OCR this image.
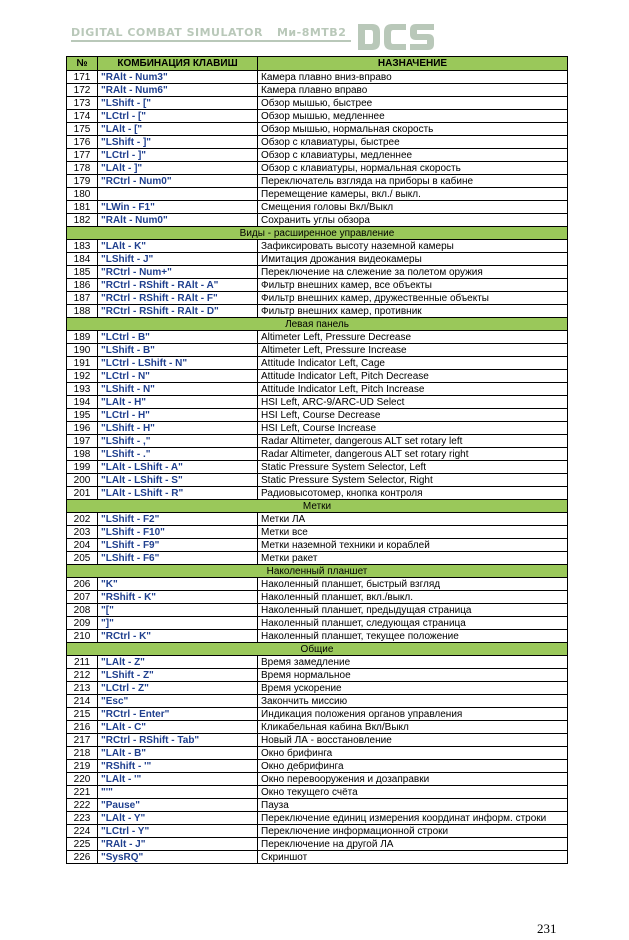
DIGITAL COMBAT SIMULATOR Ми-8МТВ2
№	КОМБИНАЦИЯ КЛАВИШ	НАЗНАЧЕНИЕ
171	"RAlt - Num3"	Камера плавно вниз-вправо
172	"RAlt - Num6"	Камера плавно вправо
173	"LShift - ["	Обзор мышью, быстрее
174	"LCtrl - ["	Обзор мышью, медленнее
175	"LAlt - ["	Обзор мышью, нормальная скорость
176	"LShift - ]"	Обзор с клавиатуры, быстрее
177	"LCtrl - ]"	Обзор с клавиатуры, медленнее
178	"LAlt - ]"	Обзор с клавиатуры, нормальная скорость
179	"RCtrl - Num0"	Переключатель взгляда на приборы в кабине
180		Перемещение камеры, вкл./ выкл.
181	"LWin - F1"	Смещения головы Вкл/Выкл
182	"RAlt - Num0"	Сохранить углы обзора
Виды - расширенное управление		
183	"LAlt - K"	Зафиксировать высоту наземной камеры
184	"LShift - J"	Имитация дрожания видеокамеры
185	"RCtrl - Num+"	Переключение на слежение за полетом оружия
186	"RCtrl - RShift - RAlt - A"	Фильтр внешних камер, все объекты
187	"RCtrl - RShift - RAlt - F"	Фильтр внешних камер, дружественные объекты
188	"RCtrl - RShift - RAlt - D"	Фильтр внешних камер, противник
Левая панель		
189	"LCtrl - B"	Altimeter Left, Pressure Decrease
190	"LShift - B"	Altimeter Left, Pressure Increase
191	"LCtrl - LShift - N"	Attitude Indicator Left, Cage
192	"LCtrl - N"	Attitude Indicator Left, Pitch Decrease
193	"LShift - N"	Attitude Indicator Left, Pitch Increase
194	"LAlt - H"	HSI Left, ARC-9/ARC-UD Select
195	"LCtrl - H"	HSI Left, Course Decrease
196	"LShift - H"	HSI Left, Course Increase
197	"LShift - ,"	Radar Altimeter, dangerous ALT set rotary left
198	"LShift - ."	Radar Altimeter, dangerous ALT set rotary right
199	"LAlt - LShift - A"	Static Pressure System Selector, Left
200	"LAlt - LShift - S"	Static Pressure System Selector, Right
201	"LAlt - LShift - R"	Радиовысотомер, кнопка контроля
Метки		
202	"LShift - F2"	Метки ЛА
203	"LShift - F10"	Метки все
204	"LShift - F9"	Метки наземной техники и кораблей
205	"LShift - F6"	Метки ракет
Наколенный планшет		
206	"K"	Наколенный планшет, быстрый взгляд
207	"RShift - K"	Наколенный планшет, вкл./выкл.
208	"["	Наколенный планшет, предыдущая страница
209	"]"	Наколенный планшет, следующая страница
210	"RCtrl - K"	Наколенный планшет, текущее положение
Общие		
211	"LAlt - Z"	Время замедление
212	"LShift - Z"	Время нормальное
213	"LCtrl - Z"	Время ускорение
214	"Esc"	Закончить миссию
215	"RCtrl - Enter"	Индикация положения органов управления
216	"LAlt - C"	Кликабельная кабина Вкл/Выкл
217	"RCtrl - RShift - Tab"	Новый ЛА - восстановление
218	"LAlt - B"	Окно брифинга
219	"RShift - '"	Окно дебрифинга
220	"LAlt - '"	Окно перевооружения и дозаправки
221	"'"	Окно текущего счёта
222	"Pause"	Пауза
223	"LAlt - Y"	Переключение единиц измерения координат информ. строки
224	"LCtrl - Y"	Переключение информационной строки
225	"RAlt - J"	Переключение на другой ЛА
226	"SysRQ"	Скриншот
231
